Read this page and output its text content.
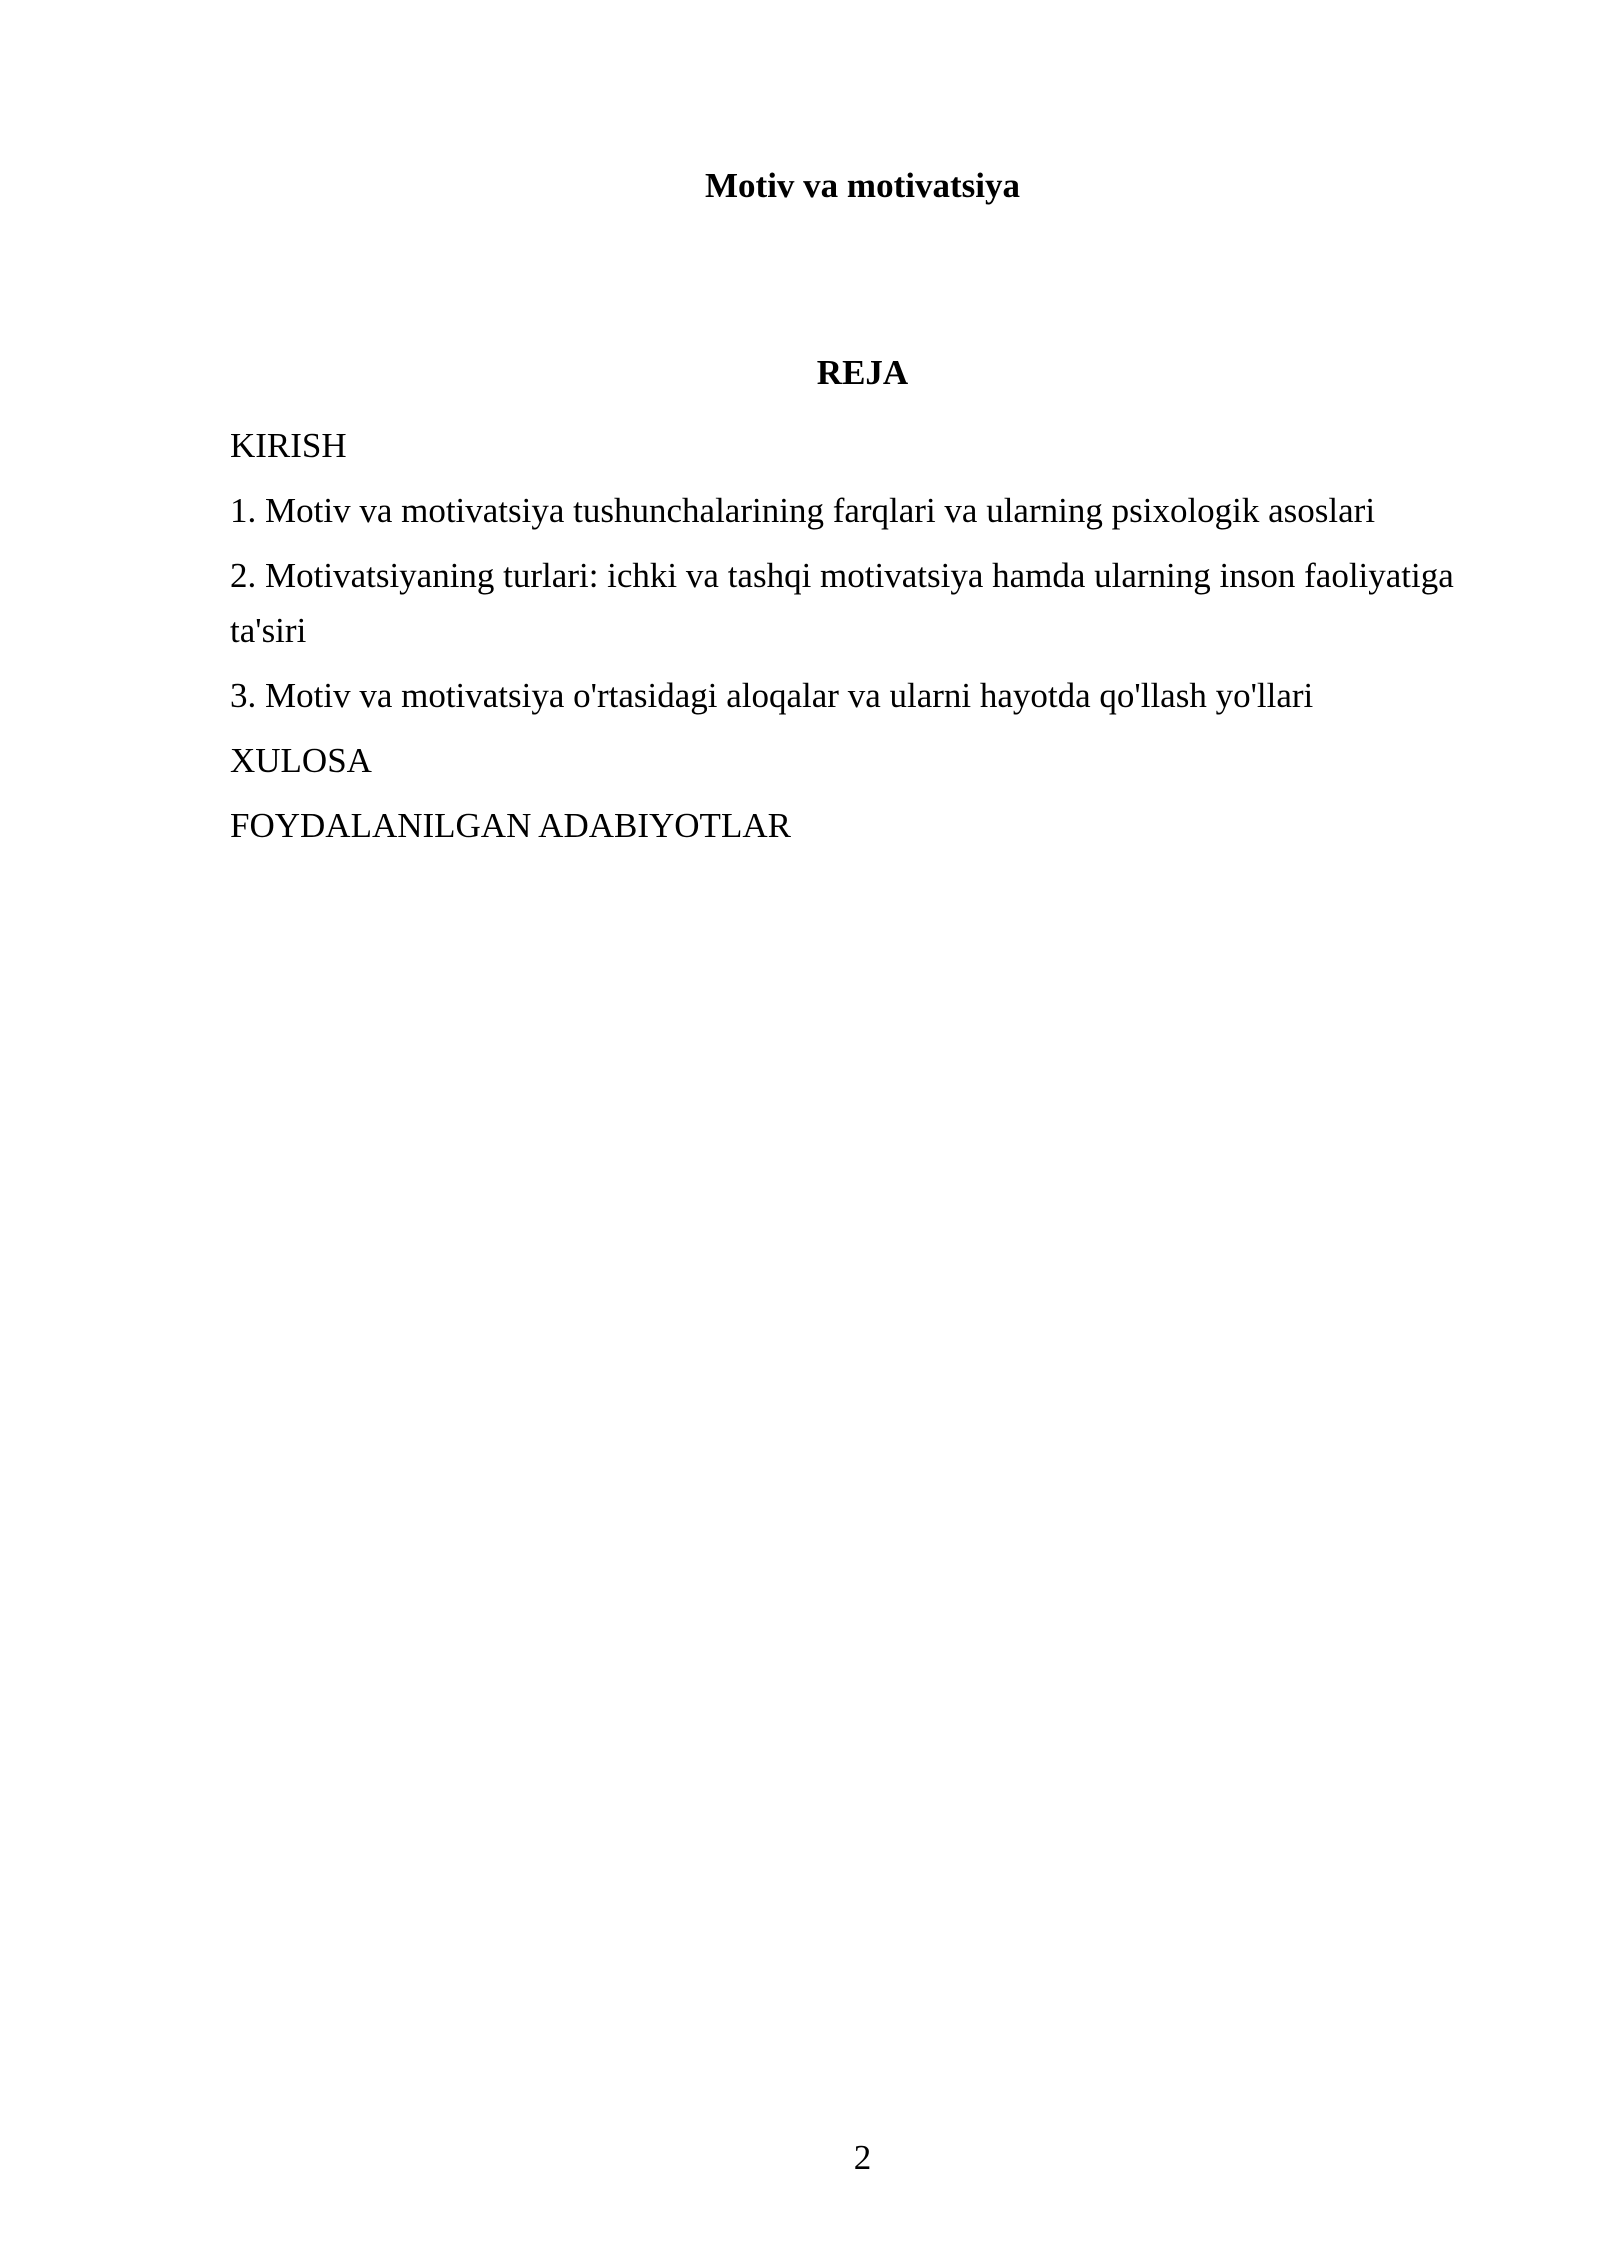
Motiv va motivatsiya
REJA
KIRISH
1. Motiv va motivatsiya tushunchalarining farqlari va ularning psixologik asoslari
2. Motivatsiyaning turlari: ichki va tashqi motivatsiya hamda ularning inson faoliyatiga ta'siri
3. Motiv va motivatsiya o'rtasidagi aloqalar va ularni hayotda qo'llash yo'llari
XULOSA
FOYDALANILGAN ADABIYOTLAR
2
